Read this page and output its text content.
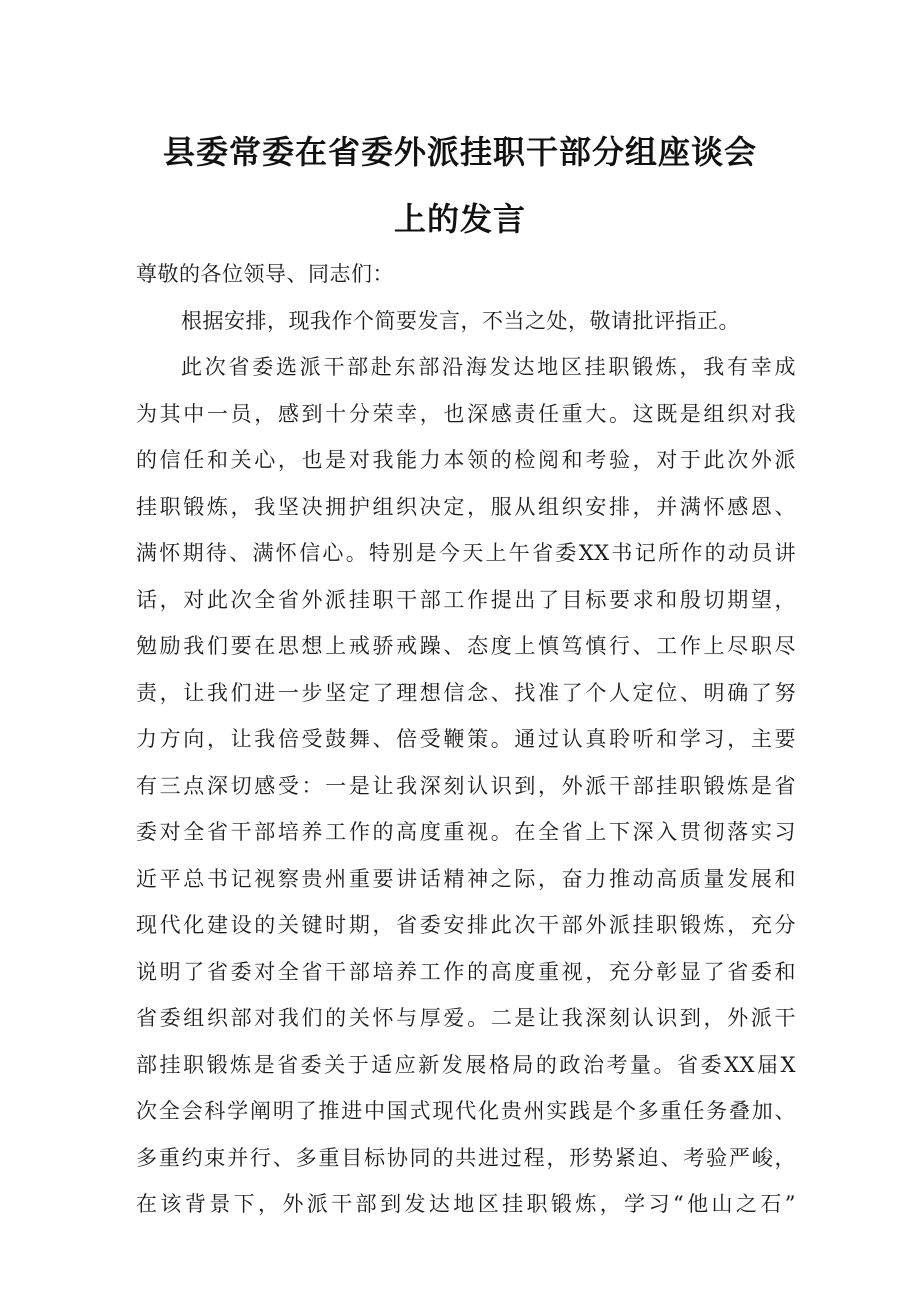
县委常委在省委外派挂职干部分组座谈会
上的发言
尊敬的各位领导、同志们：
根据安排，现我作个简要发言，不当之处，敬请批评指正。
此次省委选派干部赴东部沿海发达地区挂职锻炼，我有幸成
为其中一员，感到十分荣幸，也深感责任重大。这既是组织对我
的信任和关心，也是对我能力本领的检阅和考验，对于此次外派
挂职锻炼，我坚决拥护组织决定，服从组织安排，并满怀感恩、
满怀期待、满怀信心。特别是今天上午省委XX书记所作的动员讲
话，对此次全省外派挂职干部工作提出了目标要求和殷切期望，
勉励我们要在思想上戒骄戒躁、态度上慎笃慎行、工作上尽职尽
责，让我们进一步坚定了理想信念、找准了个人定位、明确了努
力方向，让我倍受鼓舞、倍受鞭策。通过认真聆听和学习，主要
有三点深切感受：一是让我深刻认识到，外派干部挂职锻炼是省
委对全省干部培养工作的高度重视。在全省上下深入贯彻落实习
近平总书记视察贵州重要讲话精神之际，奋力推动高质量发展和
现代化建设的关键时期，省委安排此次干部外派挂职锻炼，充分
说明了省委对全省干部培养工作的高度重视，充分彰显了省委和
省委组织部对我们的关怀与厚爱。二是让我深刻认识到，外派干
部挂职锻炼是省委关于适应新发展格局的政治考量。省委XX届X
次全会科学阐明了推进中国式现代化贵州实践是个多重任务叠加、
多重约束并行、多重目标协同的共进过程，形势紧迫、考验严峻，
在该背景下，外派干部到发达地区挂职锻炼，学习“他山之石”
